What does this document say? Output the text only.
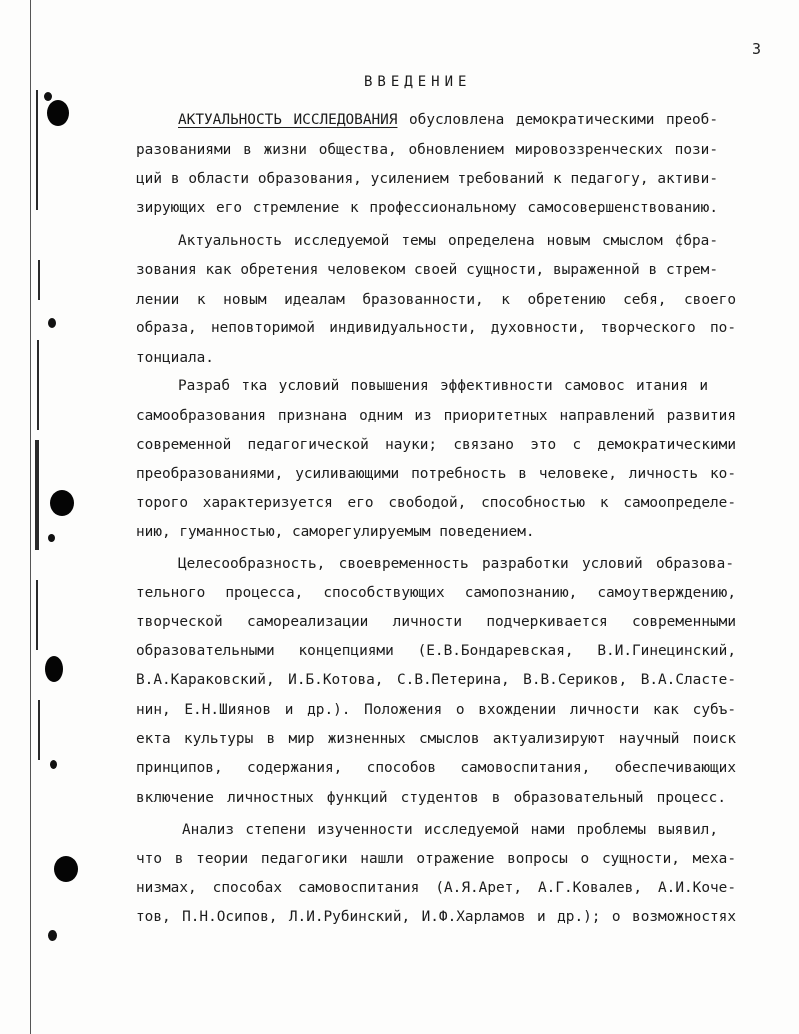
3
ВВЕДЕНИЕ
АКТУАЛЬНОСТЬ ИССЛЕДОВАНИЯ обусловлена демократическими преоб-
разованиями в жизни общества, обновлением мировоззренческих пози-
ций в области образования, усилением требований к педагогу, активи-
зирующих его стремление к профессиональному самосовершенствованию.
Актуальность исследуемой темы определена новым смыслом ¢бра-
зования как обретения человеком своей сущности, выраженной в стрем-
лении к новым идеалам бразованности, к обретению себя, своего
образа, неповторимой индивидуальности, духовности, творческого по-
тонциала.
Разраб тка условий повышения эффективности самовос итания и
самообразования признана одним из приоритетных направлений развития
современной педагогической науки; связано это с демократическими
преобразованиями, усиливающими потребность в человеке, личность ко-
торого характеризуется его свободой, способностью к самоопределе-
нию, гуманностью, саморегулируемым поведением.
Целесообразность, своевременность разработки условий образова-
тельного процесса, способствующих самопознанию, самоутверждению,
творческой самореализации личности подчеркивается современными
образовательными концепциями (Е.В.Бондаревская, В.И.Гинецинский,
В.А.Караковский, И.Б.Котова, С.В.Петерина, В.В.Сериков, В.А.Сластe-
нин, Е.Н.Шиянов и др.). Положения о вхождении личности как субъ-
екта культуры в мир жизненных смыслов актуализируют научный поиск
принципов, содержания, способов самовоспитания, обеспечивающих
включение личностных функций студентов в образовательный процесс.
Анализ степени изученности исследуемой нами проблемы выявил,
что в теории педагогики нашли отражение вопросы о сущности, меха-
низмах, способах самовоспитания (А.Я.Арет, А.Г.Ковалев, А.И.Коче-
тов, П.Н.Осипов, Л.И.Рубинский, И.Ф.Харламов и др.); о возможностях
